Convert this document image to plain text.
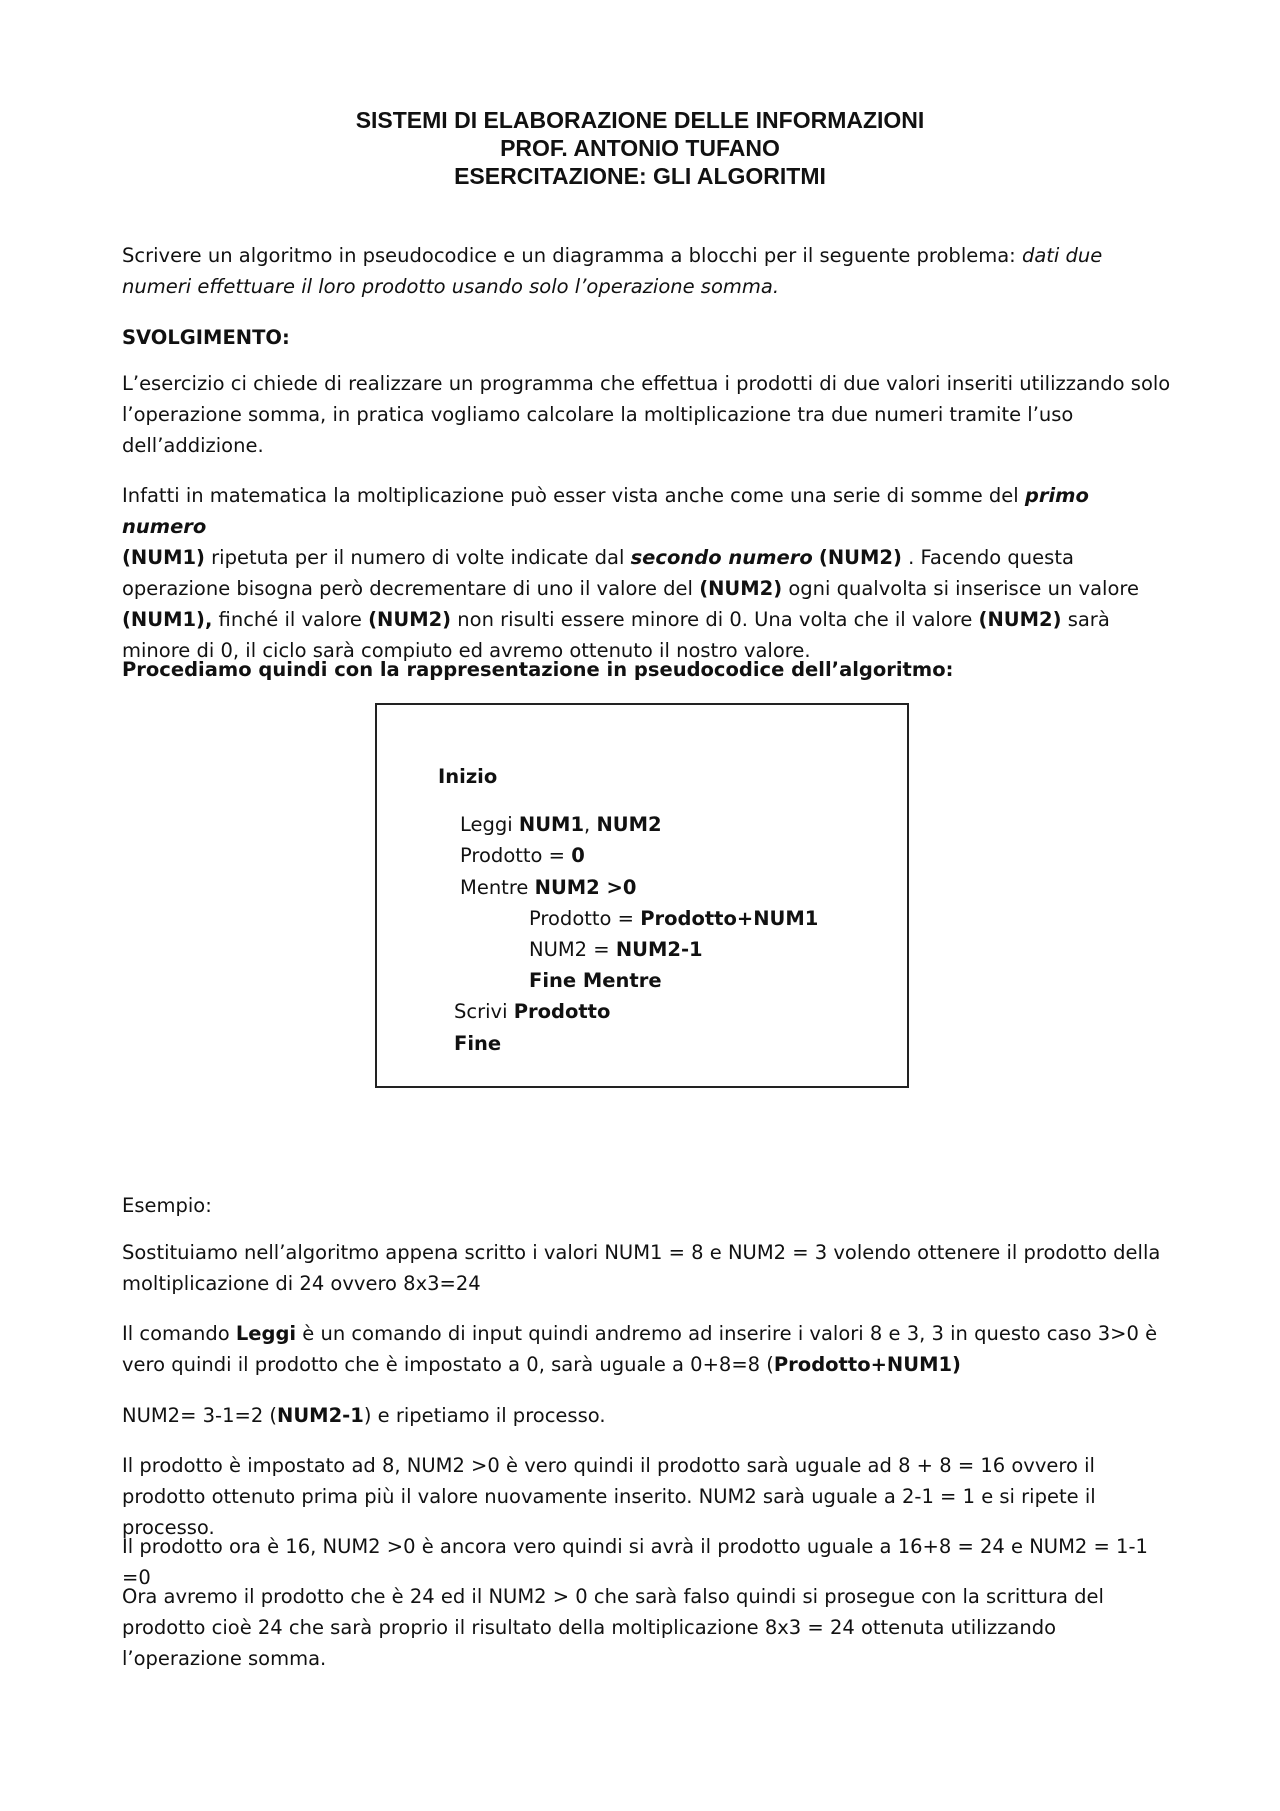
SISTEMI DI ELABORAZIONE DELLE INFORMAZIONI

PROF. ANTONIO TUFANO

ESERCITAZIONE: GLI ALGORITMI

Scrivere un algoritmo in pseudocodice e un diagramma a blocchi per il seguente problema: dati due numeri effettuare il loro prodotto usando solo l’operazione somma.

SVOLGIMENTO:

L’esercizio ci chiede di realizzare un programma che effettua i prodotti di due valori inseriti utilizzando solo l’operazione somma, in pratica vogliamo calcolare la moltiplicazione tra due numeri tramite l’uso dell’addizione.

Infatti in matematica la moltiplicazione può esser vista anche come una serie di somme del primo numero
(NUM1) ripetuta per il numero di volte indicate dal secondo numero (NUM2) . Facendo questa operazione bisogna però decrementare di uno il valore del (NUM2) ogni qualvolta si inserisce un valore (NUM1), finché il valore (NUM2) non risulti essere minore di 0. Una volta che il valore (NUM2) sarà minore di 0, il ciclo sarà compiuto ed avremo ottenuto il nostro valore.

Procediamo quindi con la rappresentazione in pseudocodice dell’algoritmo:

Inizio

Leggi NUM1, NUM2

Prodotto = 0

Mentre NUM2 >0

Prodotto = Prodotto+NUM1

NUM2 = NUM2-1

Fine Mentre

Scrivi Prodotto

Fine

Esempio:

Sostituiamo nell’algoritmo appena scritto i valori NUM1 = 8 e NUM2 = 3 volendo ottenere il prodotto della moltiplicazione di 24 ovvero 8x3=24

Il comando Leggi è un comando di input quindi andremo ad inserire i valori 8 e 3, 3 in questo caso 3>0 è vero quindi il prodotto che è impostato a 0, sarà uguale a 0+8=8 (Prodotto+NUM1)

NUM2= 3-1=2 (NUM2-1) e ripetiamo il processo.

Il prodotto è impostato ad 8, NUM2 >0 è vero quindi il prodotto sarà uguale ad 8 + 8 = 16 ovvero il prodotto ottenuto prima più il valore nuovamente inserito. NUM2 sarà uguale a 2-1 = 1 e si ripete il processo.

Il prodotto ora è 16, NUM2 >0 è ancora vero quindi si avrà il prodotto uguale a 16+8 = 24 e NUM2 = 1-1 =0

Ora avremo il prodotto che è 24 ed il NUM2 > 0 che sarà falso quindi si prosegue con la scrittura del prodotto cioè 24 che sarà proprio il risultato della moltiplicazione 8x3 = 24 ottenuta utilizzando l’operazione somma.
